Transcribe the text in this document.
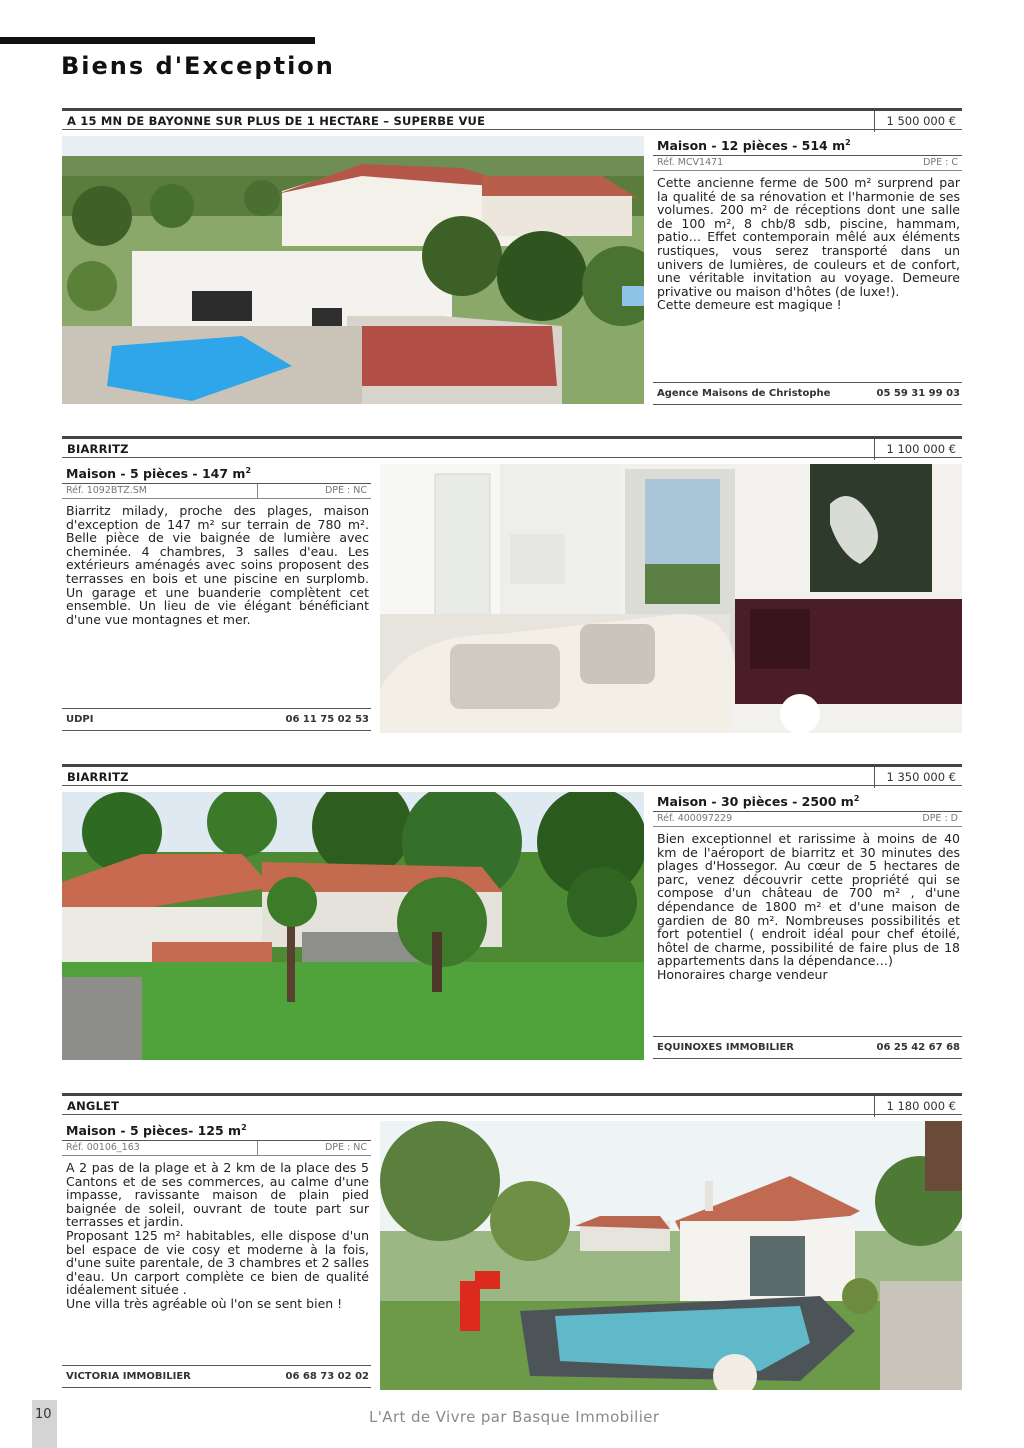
Biens d'Exception
A 15 MN DE BAYONNE SUR PLUS DE 1 HECTARE – SUPERBE VUE	1 500 000 €
Maison - 12 pièces - 514 $m^2$
Réf. MCV1471	DPE : C

Cette ancienne ferme de 500 m² surprend par la qualité de sa rénovation et l'harmonie de ses volumes. 200 m² de réceptions dont une salle de 100 m², 8 chb/8 sdb, piscine, hammam, patio… Effet contemporain mêlé aux éléments rustiques, vous serez transporté dans un univers de lumières, de couleurs et de confort, une véritable invitation au voyage. Demeure privative ou maison d'hôtes (de luxe!).

Cette demeure est magique !

Agence Maisons de Christophe	05 59 31 99 03
BIARRITZ	1 100 000 €
Maison - 5 pièces - 147 $m^2$
Réf. 1092BTZ.SM	DPE : NC

Biarritz milady, proche des plages, maison d'exception de 147 m² sur terrain de 780 m². Belle pièce de vie baignée de lumière avec cheminée. 4 chambres, 3 salles d'eau. Les extérieurs aménagés avec soins proposent des terrasses en bois et une piscine en surplomb. Un garage et une buanderie complètent cet ensemble. Un lieu de vie élégant bénéficiant d'une vue montagnes et mer.

UDPI	06 11 75 02 53
BIARRITZ	1 350 000 €
Maison - 30 pièces - 2500 $m^2$
Réf. 400097229	DPE : D

Bien exceptionnel et rarissime à moins de 40 km de l'aéroport de biarritz et 30 minutes des plages d'Hossegor. Au cœur de 5 hectares de parc, venez découvrir cette propriété qui se compose d'un château de 700 m² , d'une dépendance de 1800 m² et d'une maison de gardien de 80 m². Nombreuses possibilités et fort potentiel ( endroit idéal pour chef étoilé, hôtel de charme, possibilité de faire plus de 18 appartements dans la dépendance…)

Honoraires charge vendeur

EQUINOXES IMMOBILIER	06 25 42 67 68
ANGLET	1 180 000 €
Maison - 5 pièces- 125 $m^2$
Réf. 00106_163	DPE : NC

A 2 pas de la plage et à 2 km de la place des 5 Cantons et de ses commerces, au calme d'une impasse, ravissante maison de plain pied baignée de soleil, ouvrant de toute part sur terrasses et jardin.

Proposant 125 m² habitables, elle dispose d'un bel espace de vie cosy et moderne à la fois, d'une suite parentale, de 3 chambres et 2 salles d'eau. Un carport complète ce bien de qualité idéalement située .

Une villa très agréable où l'on se sent bien !

VICTORIA IMMOBILIER	06 68 73 02 02
10	L'Art de Vivre par Basque Immobilier
